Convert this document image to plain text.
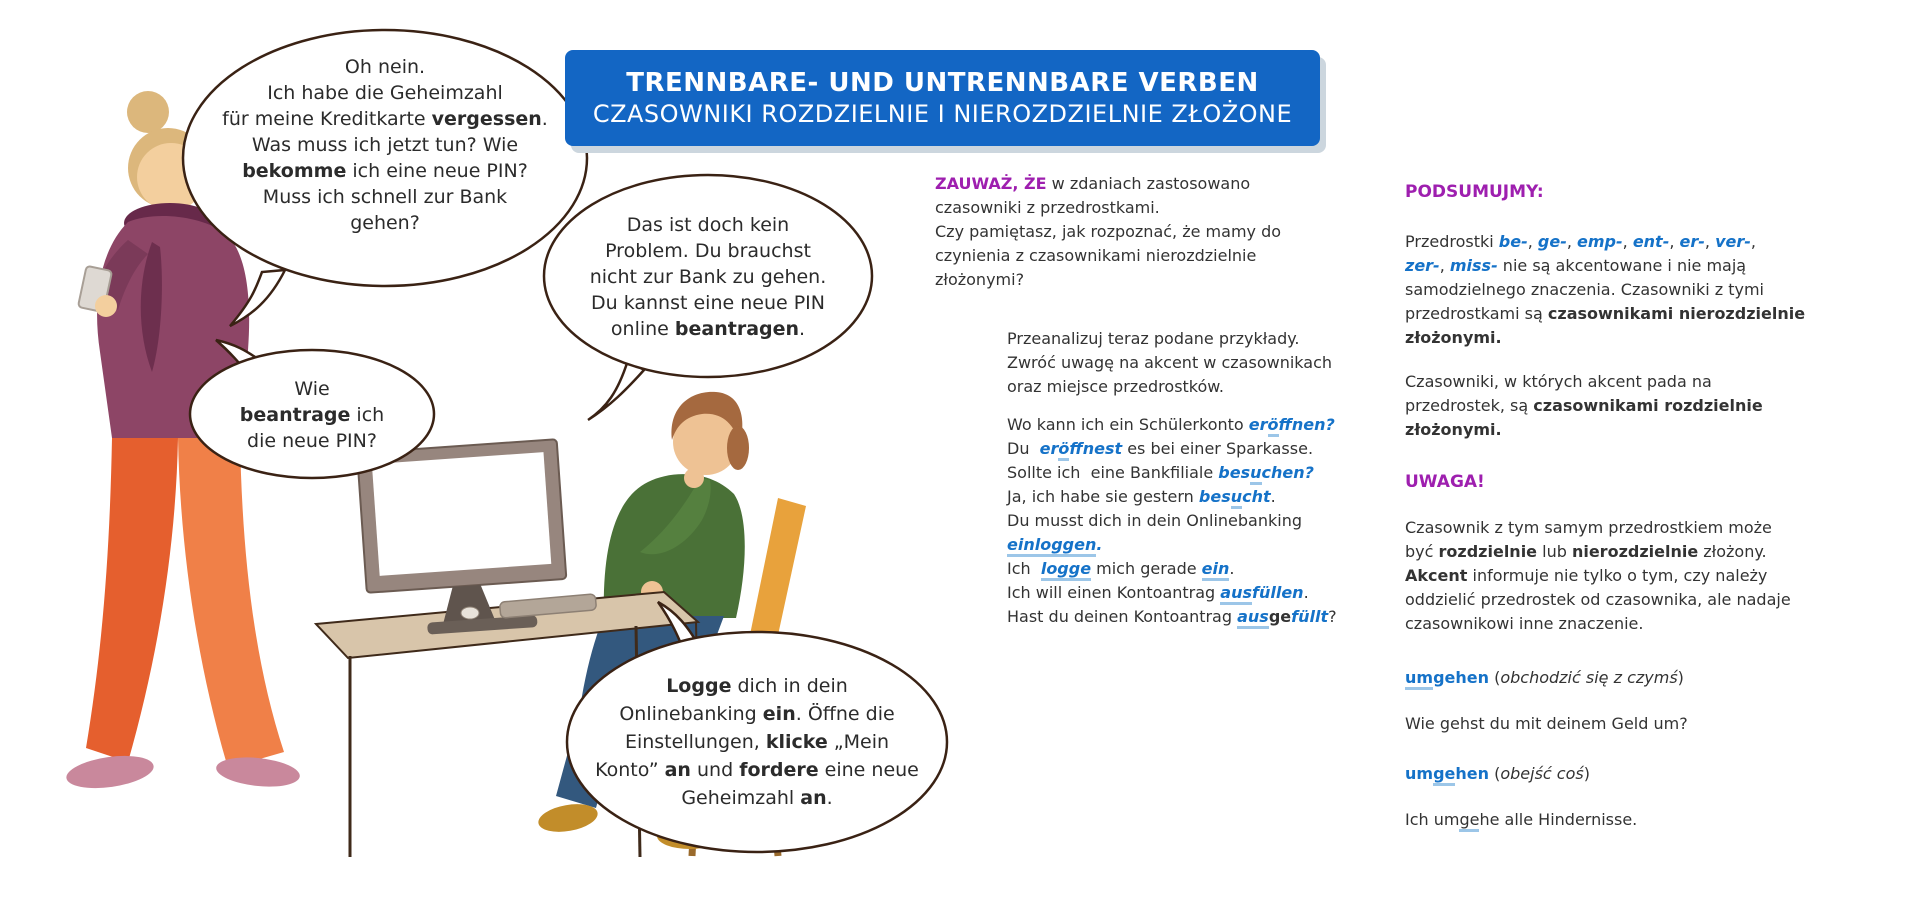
TRENNBARE- UND UNTRENNBARE VERBEN
CZASOWNIKI ROZDZIELNIE I NIEROZDZIELNIE ZŁOŻONE
Oh nein.
Ich habe die Geheimzahl
für meine Kreditkarte vergessen.
Was muss ich jetzt tun? Wie
bekomme ich eine neue PIN?
Muss ich schnell zur Bank
gehen?	Das ist doch kein
Problem. Du brauchst
nicht zur Bank zu gehen.
Du kannst eine neue PIN
online beantragen.
Wie
beantrage ich
die neue PIN?
Logge dich in dein
Onlinebanking ein. Öffne die
Einstellungen, klicke „Mein
Konto” an und fordere eine neue
Geheimzahl an.
ZAUWAŻ, ŻE w zdaniach zastosowano
czasowniki z przedrostkami.
Czy pamiętasz, jak rozpoznać, że mamy do
czynienia z czasownikami nierozdzielnie
złożonymi?
Przeanalizuj teraz podane przykłady.
Zwróć uwagę na akcent w czasownikach
oraz miejsce przedrostków.
Wo kann ich ein Schülerkonto eröffnen?
Du  eröffnest es bei einer Sparkasse.
Sollte ich  eine Bankfiliale besuchen?
Ja, ich habe sie gestern besucht.
Du musst dich in dein Onlinebanking
einloggen.
Ich  logge mich gerade ein.
Ich will einen Kontoantrag ausfüllen.
Hast du deinen Kontoantrag ausgefüllt?
PODSUMUJMY:
Przedrostki be-, ge-, emp-, ent-, er-, ver-,
zer-, miss- nie są akcentowane i nie mają
samodzielnego znaczenia. Czasowniki z tymi
przedrostkami są czasownikami nierozdzielnie
złożonymi.
Czasowniki, w których akcent pada na
przedrostek, są czasownikami rozdzielnie
złożonymi.
UWAGA!
Czasownik z tym samym przedrostkiem może
być rozdzielnie lub nierozdzielnie złożony.
Akcent informuje nie tylko o tym, czy należy
oddzielić przedrostek od czasownika, ale nadaje
czasownikowi inne znaczenie.
umgehen (obchodzić się z czymś)
Wie gehst du mit deinem Geld um?
umgehen (obejść coś)
Ich umgehe alle Hindernisse.
